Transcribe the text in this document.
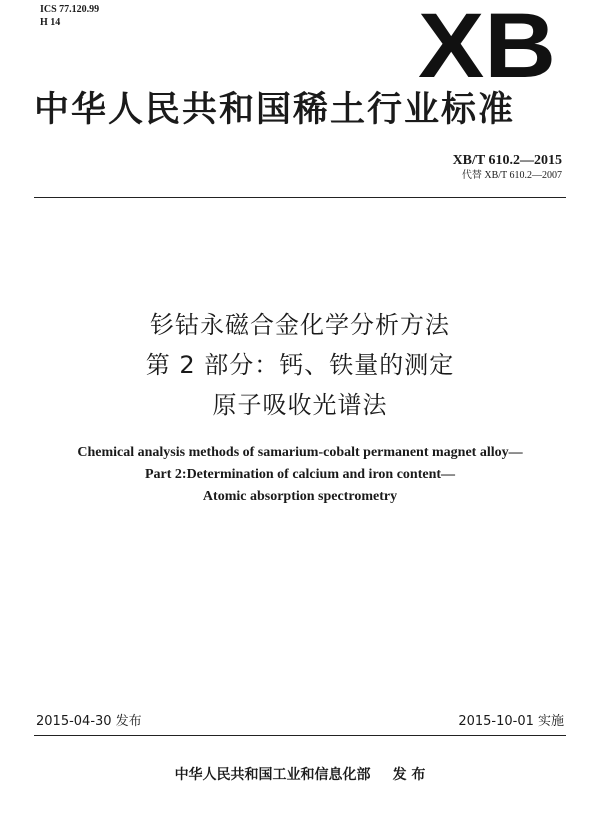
ICS 77.120.99
H 14	XB
中华人民共和国稀土行业标准
XB/T 610.2—2015
代替 XB/T 610.2—2007
钐钴永磁合金化学分析方法
第 2 部分：钙、铁量的测定
原子吸收光谱法
Chemical analysis methods of samarium-cobalt permanent magnet alloy—
Part 2:Determination of calcium and iron content—
Atomic absorption spectrometry
2015-04-30 发布	2015-10-01 实施
中华人民共和国工业和信息化部 发 布
